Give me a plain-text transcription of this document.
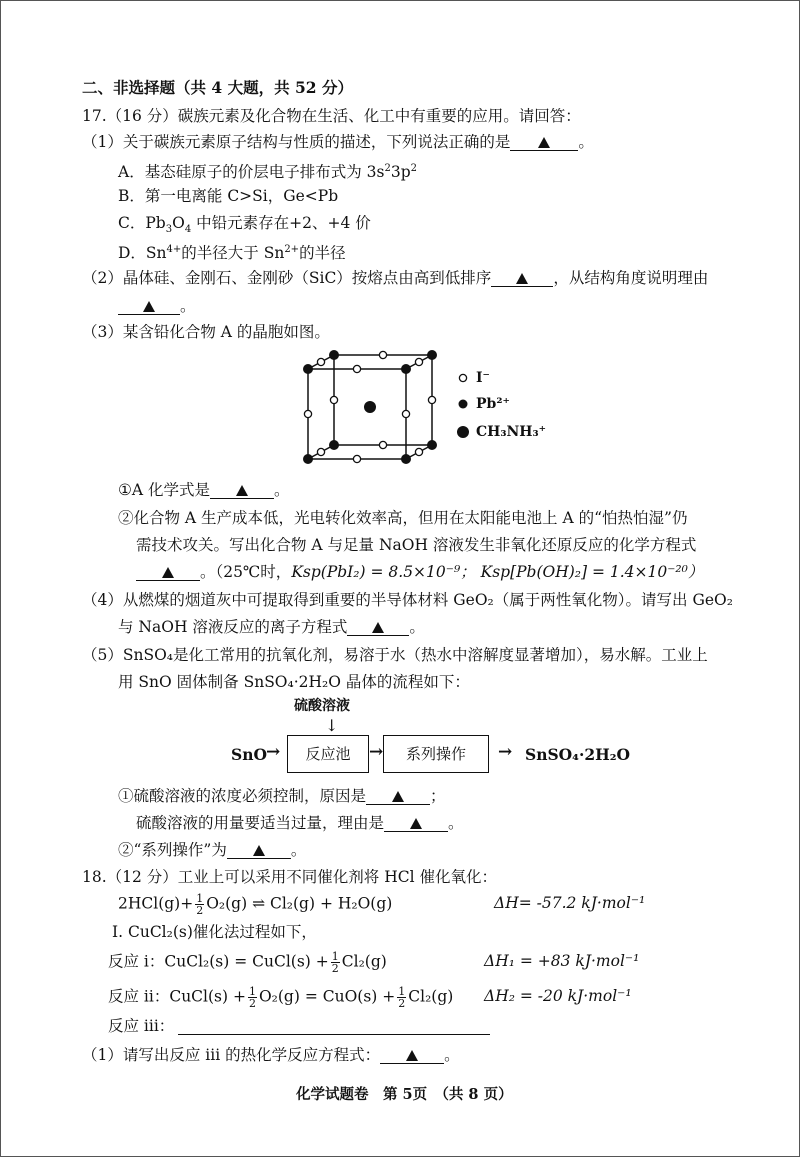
二、非选择题（共 4 大题，共 52 分）
17.（16 分）碳族元素及化合物在生活、化工中有重要的应用。请回答：
（1）关于碳族元素原子结构与性质的描述，下列说法正确的是	。
A．基态硅原子的价层电子排布式为 $3s^23p^2$
B．第一电离能 C>Si，Ge<Pb
C．$Pb_3O_4$ 中铅元素存在+2、+4 价
D．$Sn^{4+}$的半径大于 $Sn^{2+}$的半径
（2）晶体硅、金刚石、金刚砂（SiC）按熔点由高到低排序	，从结构角度说明理由
。
（3）某含铅化合物 A 的晶胞如图。
I⁻
Pb²⁺
CH₃NH₃⁺
①A 化学式是	。
②化合物 A 生产成本低，光电转化效率高，但用在太阳能电池上 A 的“怕热怕湿”仍
需技术攻关。写出化合物 A 与足量 NaOH 溶液发生非氧化还原反应的化学方程式
。（25℃时，Ksp(PbI₂) = 8.5×10⁻⁹； Ksp[Pb(OH)₂] = 1.4×10⁻²⁰）
（4）从燃煤的烟道灰中可提取得到重要的半导体材料 GeO₂（属于两性氧化物）。请写出 GeO₂
与 NaOH 溶液反应的离子方程式	。
（5）SnSO₄是化工常用的抗氧化剂，易溶于水（热水中溶解度显著增加），易水解。工业上
用 SnO 固体制备 SnSO₄·2H₂O 晶体的流程如下：
硫酸溶液
↓
SnO →	反应池	→	系列操作	→ SnSO₄·2H₂O
①硫酸溶液的浓度必须控制，原因是	；
硫酸溶液的用量要适当过量，理由是	。
②“系列操作”为	。
18.（12 分）工业上可以采用不同催化剂将 HCl 催化氧化：
$2HCl(g)+ \frac{1}{2} O_2(g)$ ⇌ Cl₂(g) + H₂O(g)	ΔH= -57.2 kJ·mol⁻¹
I. CuCl₂(s)催化法过程如下，
反应 i：CuCl₂(s) = CuCl(s) + $\frac{1}{2} Cl_2(g)$	ΔH₁ = +83 kJ·mol⁻¹
反应 ii：CuCl(s) + $\frac{1}{2} O_2(g) = CuO(s) + \frac{1}{2} Cl_2(g) \Delta H_2 = -20$ kJ·mol⁻¹
反应 iii：
（1）请写出反应 iii 的热化学反应方程式：	。
化学试题卷　第 5页　（共 8 页）
